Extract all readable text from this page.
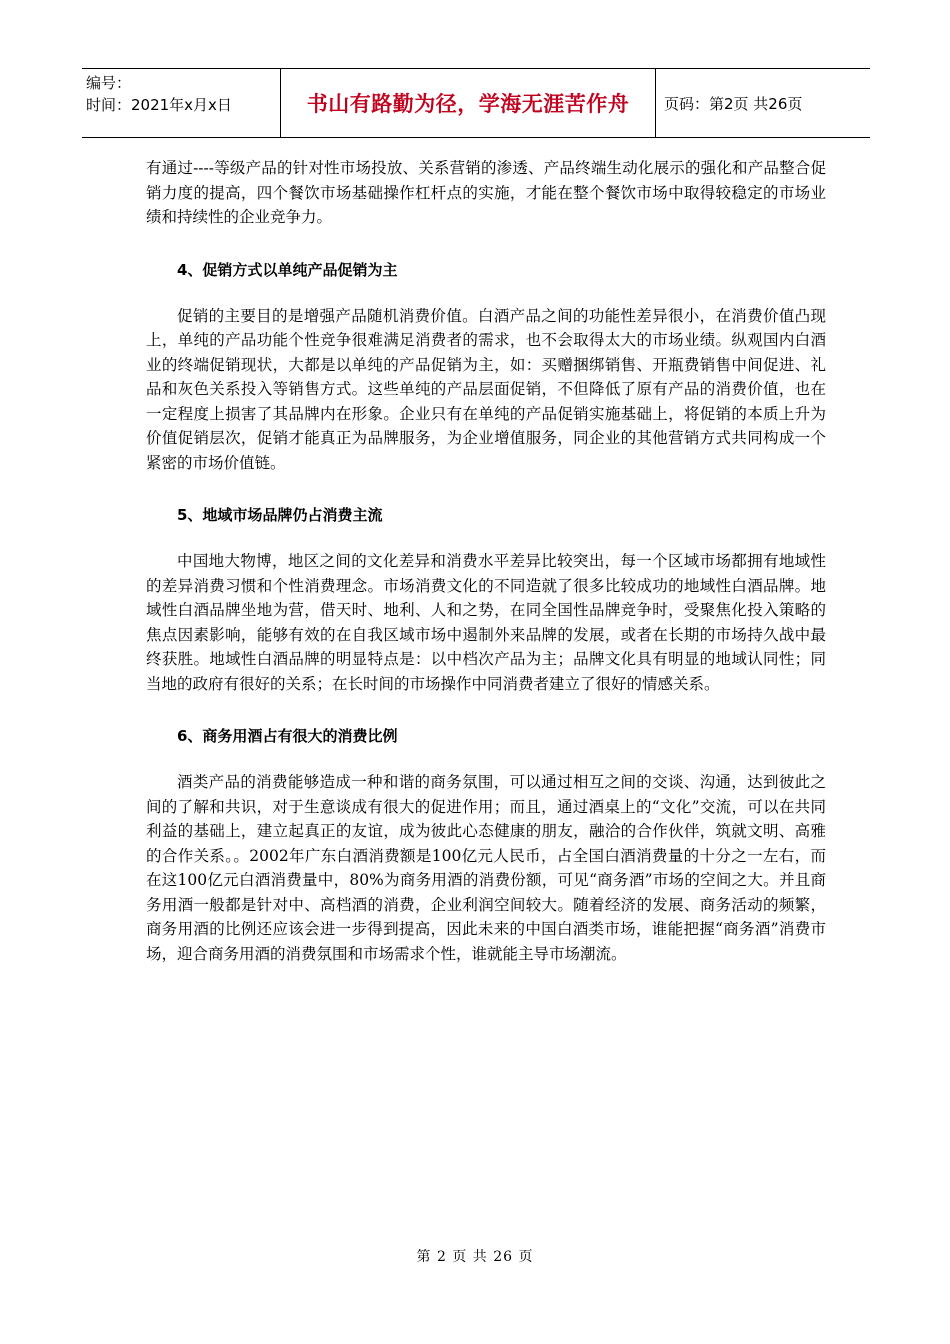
编号：
时间：2021年x月x日	书山有路勤为径，学海无涯苦作舟 页码：第2页 共26页

有通过----等级产品的针对性市场投放、关系营销的渗透、产品终端生动化展示的强化和产品整合促销力度的提高，四个餐饮市场基础操作杠杆点的实施，才能在整个餐饮市场中取得较稳定的市场业绩和持续性的企业竞争力。

4、促销方式以单纯产品促销为主

促销的主要目的是增强产品随机消费价值。白酒产品之间的功能性差异很小，在消费价值凸现上，单纯的产品功能个性竞争很难满足消费者的需求，也不会取得太大的市场业绩。纵观国内白酒业的终端促销现状，大都是以单纯的产品促销为主，如：买赠捆绑销售、开瓶费销售中间促进、礼品和灰色关系投入等销售方式。这些单纯的产品层面促销，不但降低了原有产品的消费价值，也在一定程度上损害了其品牌内在形象。企业只有在单纯的产品促销实施基础上，将促销的本质上升为价值促销层次，促销才能真正为品牌服务，为企业增值服务，同企业的其他营销方式共同构成一个紧密的市场价值链。

5、地域市场品牌仍占消费主流

中国地大物博，地区之间的文化差异和消费水平差异比较突出，每一个区域市场都拥有地域性的差异消费习惯和个性消费理念。市场消费文化的不同造就了很多比较成功的地域性白酒品牌。地域性白酒品牌坐地为营，借天时、地利、人和之势，在同全国性品牌竞争时，受聚焦化投入策略的焦点因素影响，能够有效的在自我区域市场中遏制外来品牌的发展，或者在长期的市场持久战中最终获胜。地域性白酒品牌的明显特点是：以中档次产品为主；品牌文化具有明显的地域认同性；同当地的政府有很好的关系；在长时间的市场操作中同消费者建立了很好的情感关系。

6、商务用酒占有很大的消费比例

酒类产品的消费能够造成一种和谐的商务氛围，可以通过相互之间的交谈、沟通，达到彼此之间的了解和共识，对于生意谈成有很大的促进作用；而且，通过酒桌上的“文化”交流，可以在共同利益的基础上，建立起真正的友谊，成为彼此心态健康的朋友，融洽的合作伙伴，筑就文明、高雅的合作关系。。2002年广东白酒消费额是100亿元人民币，占全国白酒消费量的十分之一左右，而在这100亿元白酒消费量中，80%为商务用酒的消费份额，可见“商务酒”市场的空间之大。并且商务用酒一般都是针对中、高档酒的消费，企业利润空间较大。随着经济的发展、商务活动的频繁，商务用酒的比例还应该会进一步得到提高，因此未来的中国白酒类市场，谁能把握“商务酒”消费市场，迎合商务用酒的消费氛围和市场需求个性，谁就能主导市场潮流。

第 2 页 共 26 页
